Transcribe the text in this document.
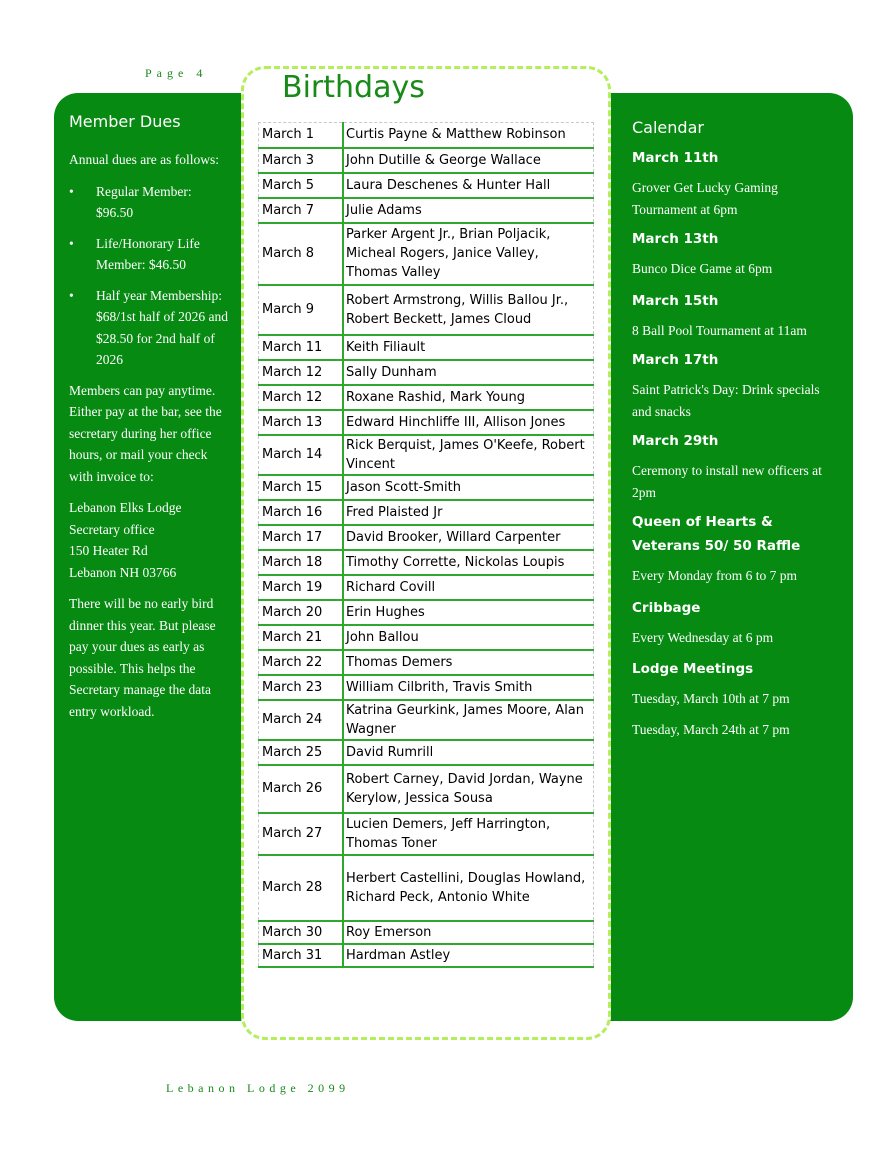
Page 4 Birthdays
Member Dues

Annual dues are as follows:

• Regular Member: $96.50
• Life/Honorary Life Member: $46.50
• Half year Membership: $68/1st half of 2026 and $28.50 for 2nd half of 2026

Members can pay anytime. Either pay at the bar, see the secretary during her office hours, or mail your check with invoice to:

Lebanon Elks Lodge
Secretary office
150 Heater Rd
Lebanon NH 03766

There will be no early bird dinner this year. But please pay your dues as early as possible. This helps the Secretary manage the data entry workload.

March 1	Curtis Payne & Matthew Robinson
March 3	John Dutille & George Wallace
March 5	Laura Deschenes & Hunter Hall
March 7	Julie Adams
March 8	Parker Argent Jr., Brian Poljacik, Micheal Rogers, Janice Valley, Thomas Valley
March 9	Robert Armstrong, Willis Ballou Jr., Robert Beckett, James Cloud
March 11	Keith Filiault
March 12	Sally Dunham
March 12	Roxane Rashid, Mark Young
March 13	Edward Hinchliffe III, Allison Jones
March 14	Rick Berquist, James O'Keefe, Robert Vincent
March 15	Jason Scott-Smith
March 16	Fred Plaisted Jr
March 17	David Brooker, Willard Carpenter
March 18	Timothy Corrette, Nickolas Loupis
March 19	Richard Covill
March 20	Erin Hughes
March 21	John Ballou
March 22	Thomas Demers
March 23	William Cilbrith, Travis Smith
March 24	Katrina Geurkink, James Moore, Alan Wagner
March 25	David Rumrill
March 26	Robert Carney, David Jordan, Wayne Kerylow, Jessica Sousa
March 27	Lucien Demers, Jeff Harrington, Thomas Toner
March 28	Herbert Castellini, Douglas Howland, Richard Peck, Antonio White
March 30	Roy Emerson
March 31	Hardman Astley
Calendar
March 11th
Grover Get Lucky Gaming Tournament at 6pm
March 13th
Bunco Dice Game at 6pm
March 15th
8 Ball Pool Tournament at 11am
March 17th
Saint Patrick's Day: Drink specials and snacks
March 29th
Ceremony to install new officers at 2pm
Queen of Hearts &
Veterans 50/ 50 Raffle
Every Monday from 6 to 7 pm
Cribbage
Every Wednesday at 6 pm
Lodge Meetings
Tuesday, March 10th at 7 pm
Tuesday, March 24th at 7 pm
Lebanon Lodge 2099
